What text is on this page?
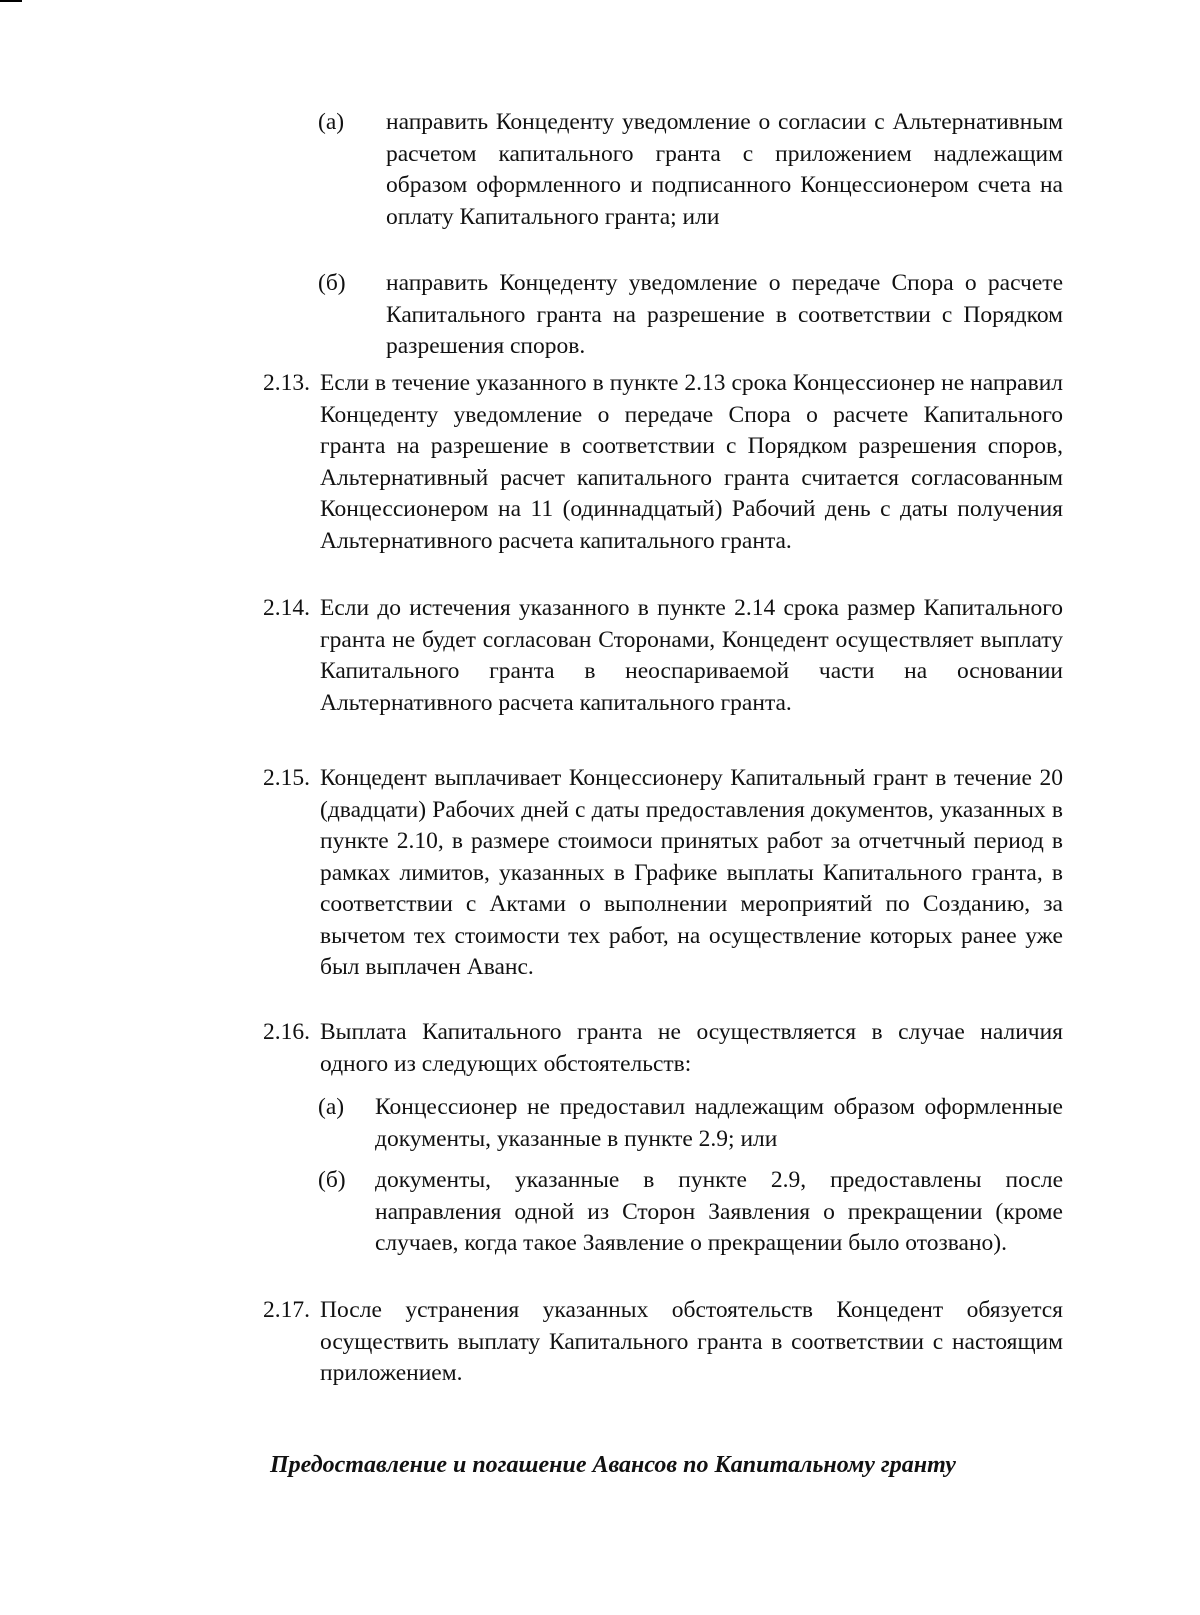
(а) направить Концеденту уведомление о согласии с Альтернативным расчетом капитального гранта с приложением надлежащим образом оформленного и подписанного Концессионером счета на оплату Капитального гранта; или
(б) направить Концеденту уведомление о передаче Спора о расчете Капитального гранта на разрешение в соответствии с Порядком разрешения споров.
2.13. Если в течение указанного в пункте 2.13 срока Концессионер не направил Концеденту уведомление о передаче Спора о расчете Капитального гранта на разрешение в соответствии с Порядком разрешения споров, Альтернативный расчет капитального гранта считается согласованным Концессионером на 11 (одиннадцатый) Рабочий день с даты получения Альтернативного расчета капитального гранта.
2.14. Если до истечения указанного в пункте 2.14 срока размер Капитального гранта не будет согласован Сторонами, Концедент осуществляет выплату Капитального гранта в неоспариваемой части на основании Альтернативного расчета капитального гранта.
2.15. Концедент выплачивает Концессионеру Капитальный грант в течение 20 (двадцати) Рабочих дней с даты предоставления документов, указанных в пункте 2.10, в размере стоимоси принятых работ за отчетчный период в рамках лимитов, указанных в Графике выплаты Капитального гранта, в соответствии с Актами о выполнении мероприятий по Созданию, за вычетом тех стоимости тех работ, на осуществление которых ранее уже был выплачен Аванс.
2.16. Выплата Капитального гранта не осуществляется в случае наличия одного из следующих обстоятельств:
(а) Концессионер не предоставил надлежащим образом оформленные документы, указанные в пункте 2.9; или
(б) документы, указанные в пункте 2.9, предоставлены после направления одной из Сторон Заявления о прекращении (кроме случаев, когда такое Заявление о прекращении было отозвано).
2.17. После устранения указанных обстоятельств Концедент обязуется осуществить выплату Капитального гранта в соответствии с настоящим приложением.
Предоставление и погашение Авансов по Капитальному гранту
